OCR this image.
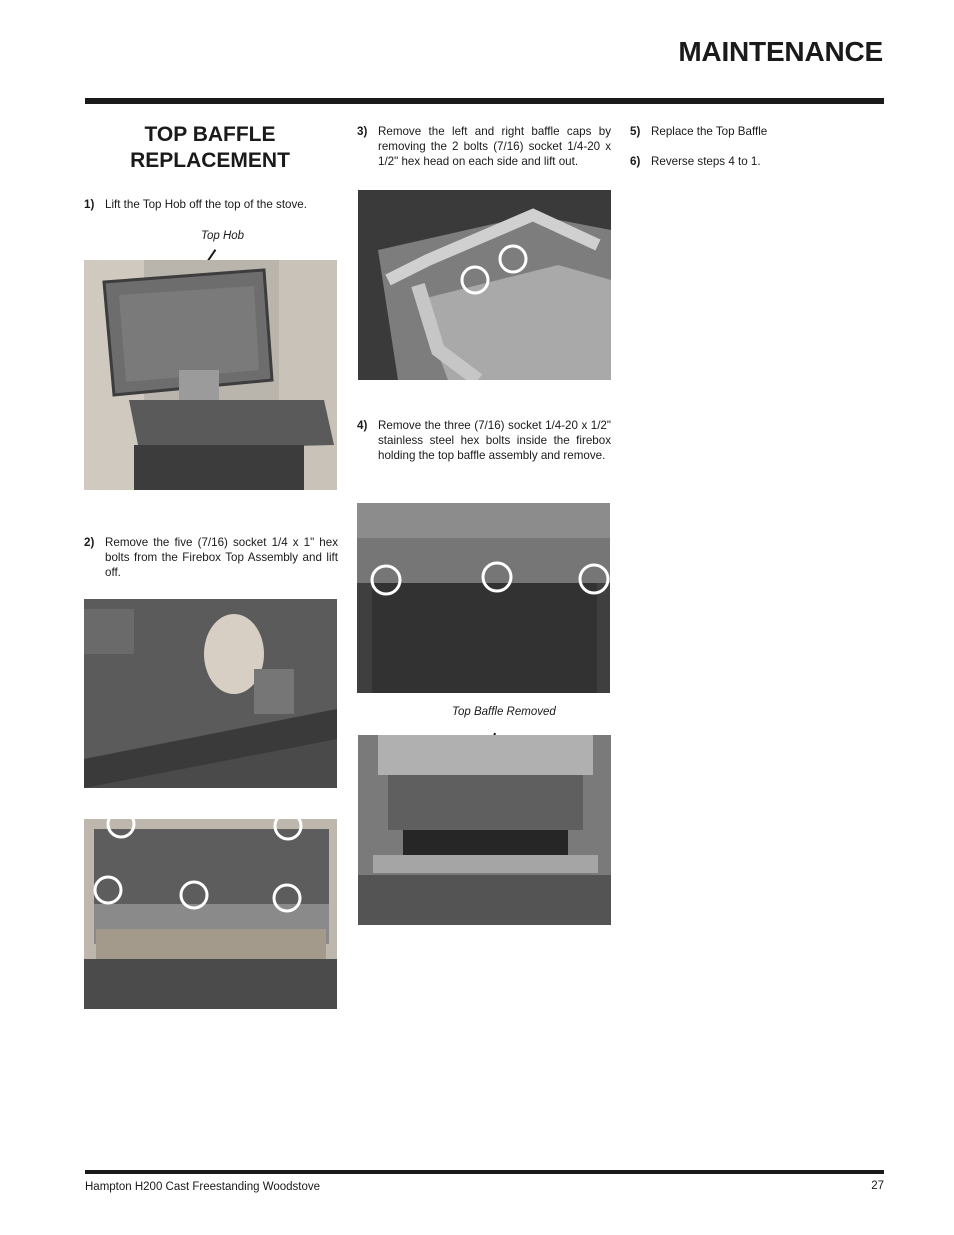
MAINTENANCE
TOP BAFFLE
REPLACEMENT
1) Lift the Top Hob off the top of the stove.
Top Hob
2) Remove the five (7/16) socket 1/4 x 1" hex bolts from the Firebox Top Assembly and lift off.
3) Remove the left and right baffle caps by removing the 2 bolts (7/16) socket 1/4-20 x 1/2" hex head on each side and lift out.
4) Remove the three (7/16) socket 1/4-20 x 1/2" stainless steel hex bolts inside the firebox holding the top baffle assembly and remove.
Top Baffle Removed
5) Replace the Top Baffle
6) Reverse steps 4 to 1.
Hampton H200 Cast Freestanding Woodstove	27
